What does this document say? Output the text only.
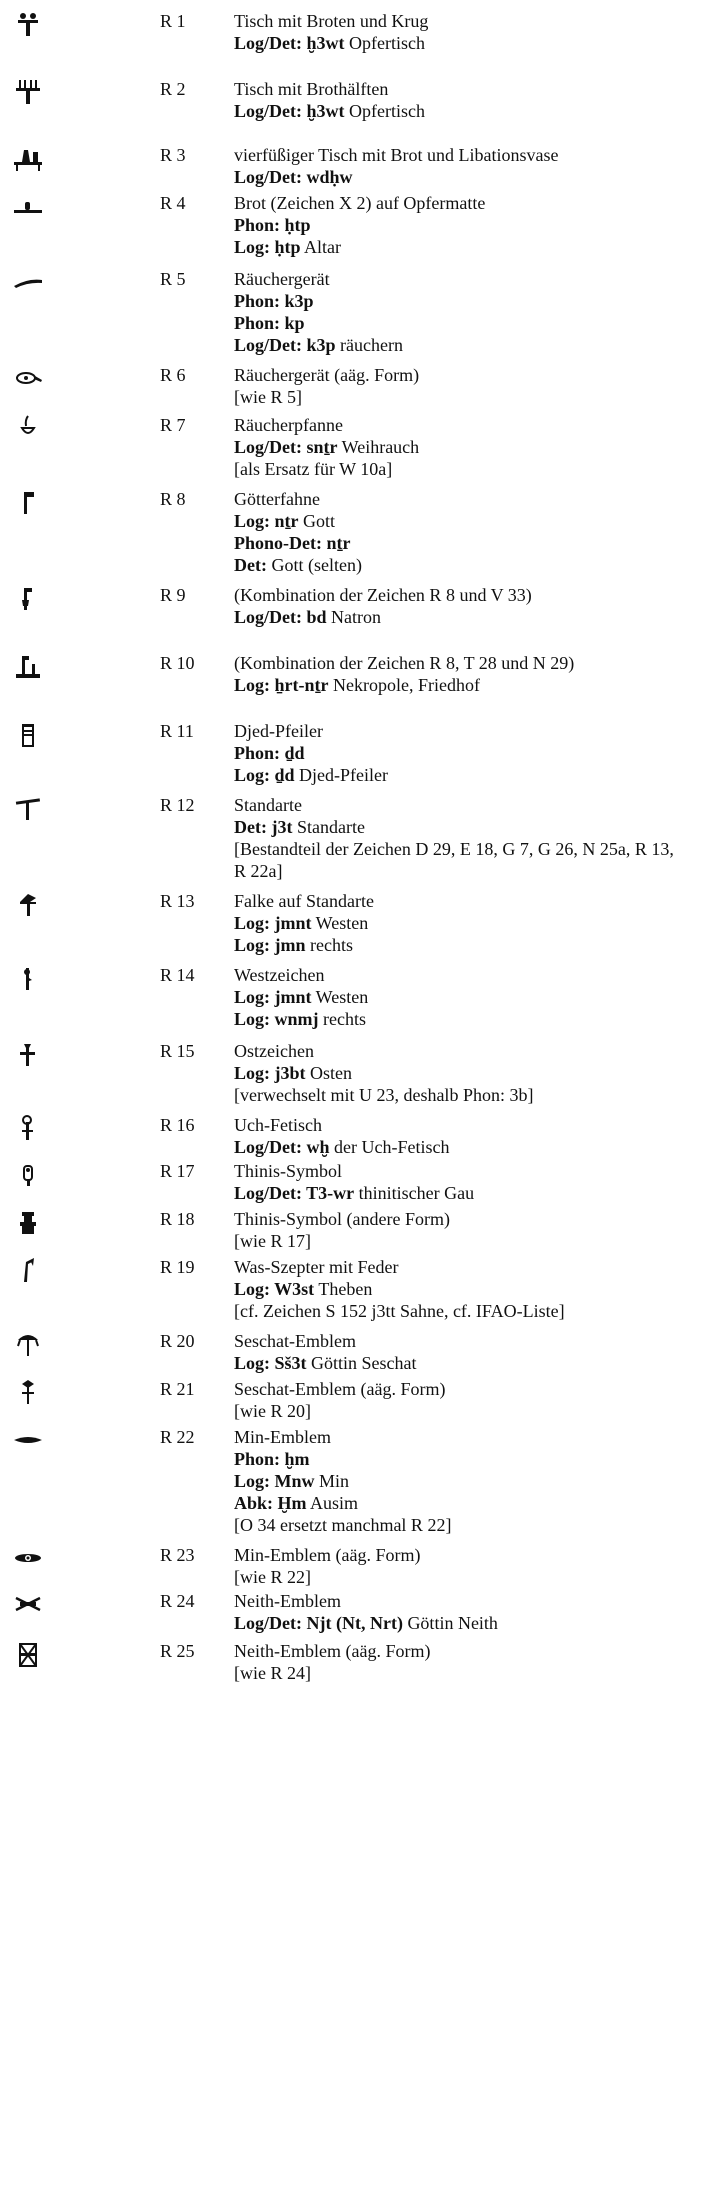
R 1	Tisch mit Broten und Krug
Log/Det: ḫ3wt Opfertisch
R 2	Tisch mit Brothälften
Log/Det: ḫ3wt Opfertisch
R 3	vierfüßiger Tisch mit Brot und Libationsvase
Log/Det: wdḥw
R 4	Brot (Zeichen X 2) auf Opfermatte
Phon: ḥtp
Log: ḥtp Altar
R 5	Räuchergerät
Phon: k3p
Phon: kp
Log/Det: k3p räuchern
R 6	Räuchergerät (aäg. Form)
[wie R 5]
R 7	Räucherpfanne
Log/Det: snṯr Weihrauch
[als Ersatz für W 10a]
R 8	Götterfahne
Log: nṯr Gott
Phono-Det: nṯr
Det: Gott (selten)
R 9	(Kombination der Zeichen R 8 und V 33)
Log/Det: bd Natron
R 10 (Kombination der Zeichen R 8, T 28 und N 29)
Log: ẖrt-nṯr Nekropole, Friedhof
R 11 Djed-Pfeiler
Phon: ḏd
Log: ḏd Djed-Pfeiler
R 12 Standarte
Det: j3t Standarte
[Bestandteil der Zeichen D 29, E 18, G 7, G 26, N 25a, R 13, R 22a]
R 13 Falke auf Standarte
Log: jmnt Westen
Log: jmn rechts
R 14 Westzeichen
Log: jmnt Westen
Log: wnmj rechts
R 15 Ostzeichen
Log: j3bt Osten
[verwechselt mit U 23, deshalb Phon: 3b]
R 16 Uch-Fetisch
Log/Det: wḫ der Uch-Fetisch
R 17 Thinis-Symbol
Log/Det: T3-wr thinitischer Gau
R 18 Thinis-Symbol (andere Form)
[wie R 17]
R 19 Was-Szepter mit Feder
Log: W3st Theben
[cf. Zeichen S 152 j3tt Sahne, cf. IFAO-Liste]
R 20 Seschat-Emblem
Log: Sš3t Göttin Seschat
R 21 Seschat-Emblem (aäg. Form)
[wie R 20]
R 22 Min-Emblem
Phon: ḫm
Log: Mnw Min
Abk: Ḫm Ausim
[O 34 ersetzt manchmal R 22]
R 23 Min-Emblem (aäg. Form)
[wie R 22]
R 24 Neith-Emblem
Log/Det: Njt (Nt, Nrt) Göttin Neith
R 25 Neith-Emblem (aäg. Form)
[wie R 24]
